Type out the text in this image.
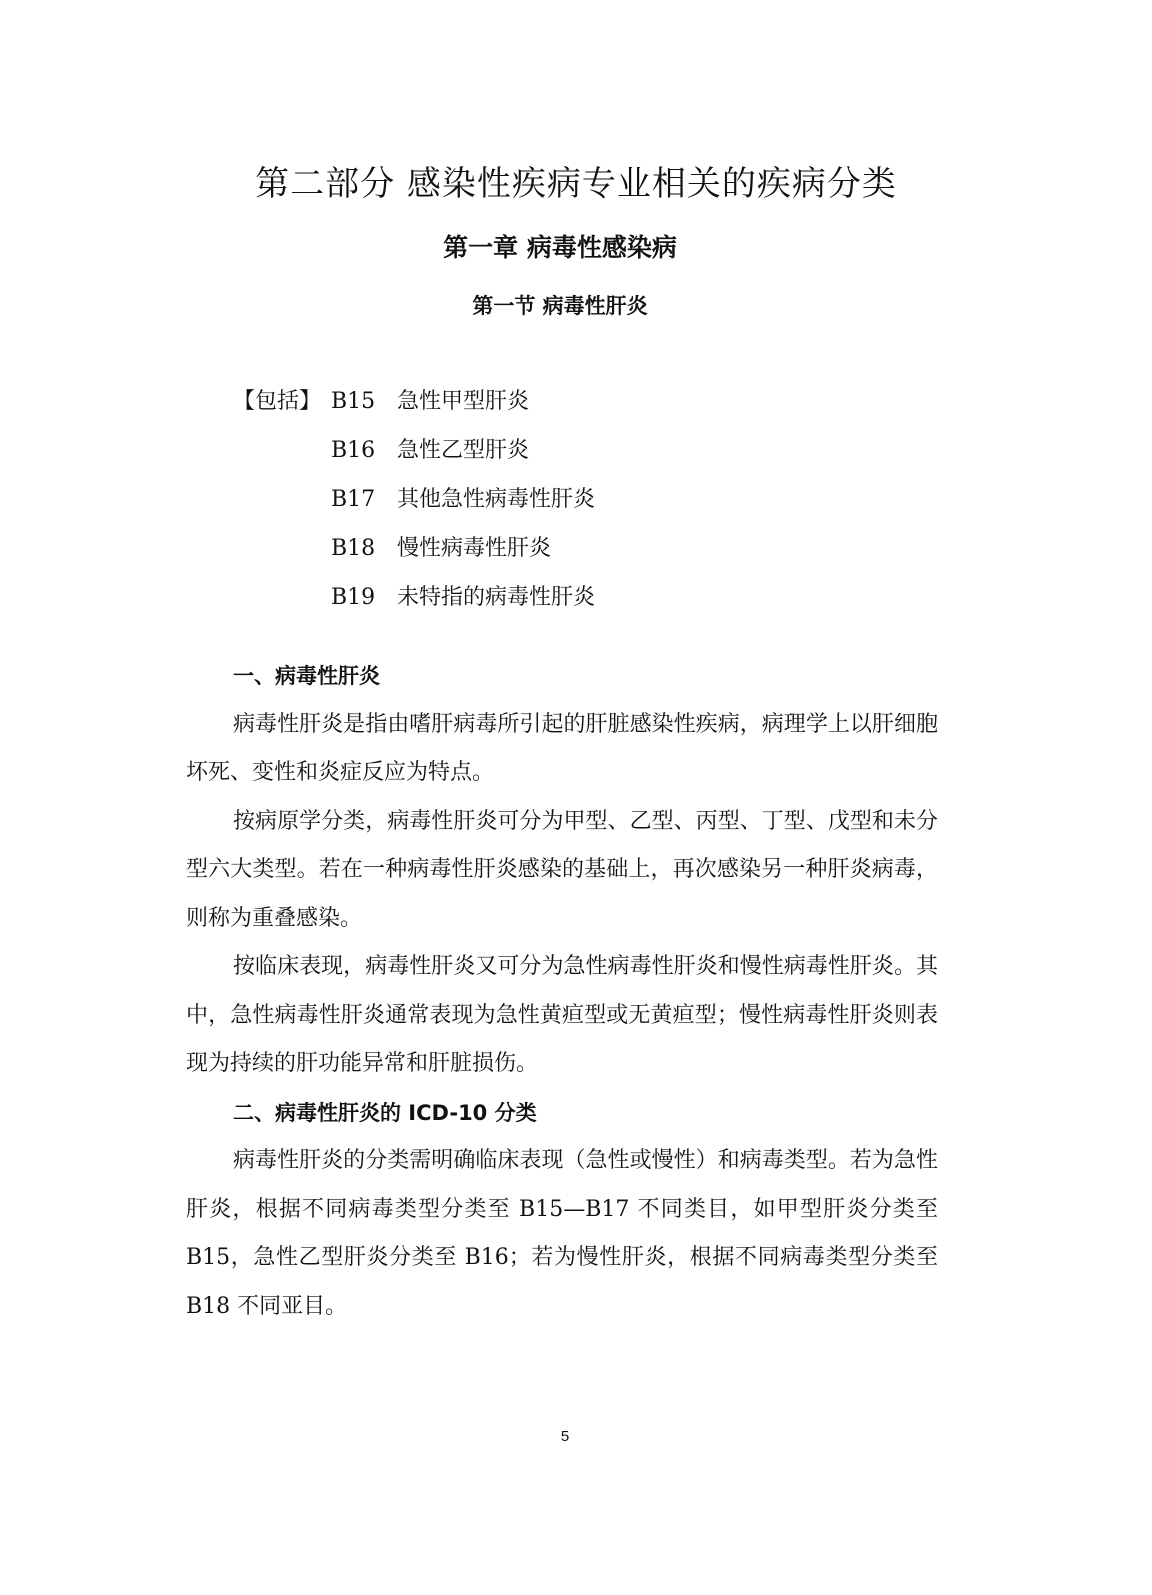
第二部分 感染性疾病专业相关的疾病分类
第一章 病毒性感染病
第一节 病毒性肝炎
【包括】 B15 急性甲型肝炎
B16 急性乙型肝炎
B17 其他急性病毒性肝炎
B18 慢性病毒性肝炎
B19 未特指的病毒性肝炎
一、病毒性肝炎

病毒性肝炎是指由嗜肝病毒所引起的肝脏感染性疾病，病理学上以肝细胞坏死、变性和炎症反应为特点。

按病原学分类，病毒性肝炎可分为甲型、乙型、丙型、丁型、戊型和未分型六大类型。若在一种病毒性肝炎感染的基础上，再次感染另一种肝炎病毒，则称为重叠感染。

按临床表现，病毒性肝炎又可分为急性病毒性肝炎和慢性病毒性肝炎。其中，急性病毒性肝炎通常表现为急性黄疸型或无黄疸型；慢性病毒性肝炎则表现为持续的肝功能异常和肝脏损伤。

二、病毒性肝炎的 ICD-10 分类

病毒性肝炎的分类需明确临床表现（急性或慢性）和病毒类型。若为急性肝炎，根据不同病毒类型分类至 B15—B17 不同类目，如甲型肝炎分类至 B15，急性乙型肝炎分类至 B16；若为慢性肝炎，根据不同病毒类型分类至 B18 不同亚目。

5
